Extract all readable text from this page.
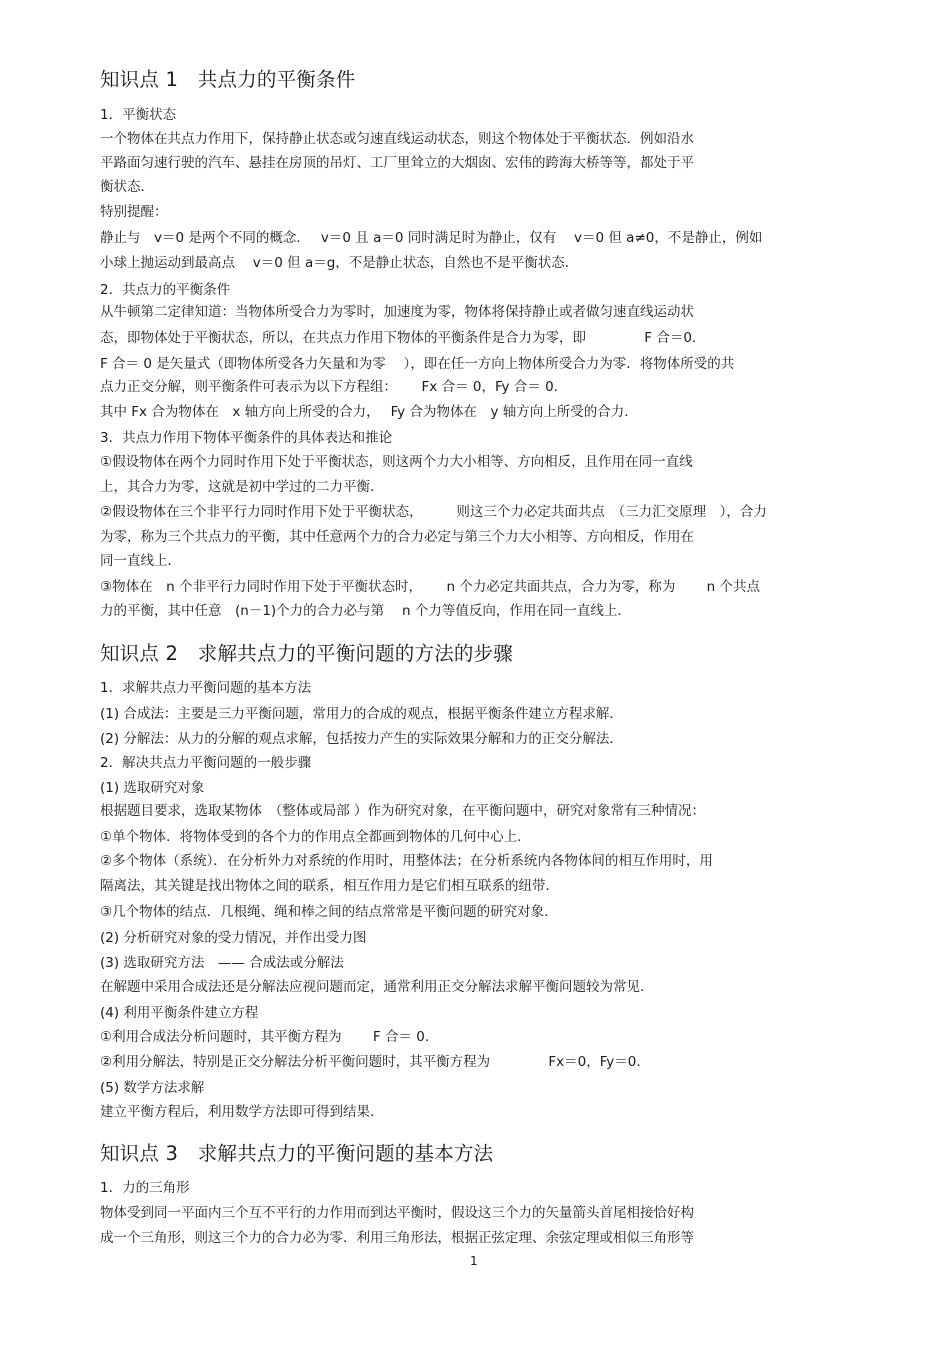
知识点 1　共点力的平衡条件
1．平衡状态
一个物体在共点力作用下，保持静止状态或匀速直线运动状态，则这个物体处于平衡状态．例如沿水
平路面匀速行驶的汽车、悬挂在房顶的吊灯、工厂里耸立的大烟囱、宏伟的跨海大桥等等，都处于平
衡状态．
特别提醒：
静止与　v＝0 是两个不同的概念．　 v＝0 且 a＝0 同时满足时为静止，仅有　 v＝0 但 a≠0，不是静止，例如
小球上抛运动到最高点　 v＝0 但 a＝g，不是静止状态，自然也不是平衡状态．
2．共点力的平衡条件
从牛顿第二定律知道：当物体所受合力为零时，加速度为零，物体将保持静止或者做匀速直线运动状
态，即物体处于平衡状态，所以，在共点力作用下物体的平衡条件是合力为零，即　　　　 F 合＝0.
F 合＝ 0 是矢量式（即物体所受各力矢量和为零　 ），即在任一方向上物体所受合力为零．将物体所受的共
点力正交分解，则平衡条件可表示为以下方程组：　　 Fx 合＝ 0，Fy 合＝ 0.
其中 Fx 合为物体在　x 轴方向上所受的合力，　 Fy 合为物体在　y 轴方向上所受的合力．
3．共点力作用下物体平衡条件的具体表达和推论
①假设物体在两个力同时作用下处于平衡状态，则这两个力大小相等、方向相反，且作用在同一直线
上，其合力为零，这就是初中学过的二力平衡．
②假设物体在三个非平行力同时作用下处于平衡状态，　　　则这三个力必定共面共点　（三力汇交原理　），合力
为零，称为三个共点力的平衡，其中任意两个力的合力必定与第三个力大小相等、方向相反，作用在
同一直线上．
③物体在　n 个非平行力同时作用下处于平衡状态时，　　 n 个力必定共面共点，合力为零，称为　　 n 个共点
力的平衡，其中任意　(n－1)个力的合力必与第　 n 个力等值反向，作用在同一直线上．
知识点 2　求解共点力的平衡问题的方法的步骤
1．求解共点力平衡问题的基本方法
(1) 合成法：主要是三力平衡问题，常用力的合成的观点，根据平衡条件建立方程求解．
(2) 分解法：从力的分解的观点求解，包括按力产生的实际效果分解和力的正交分解法．
2．解决共点力平衡问题的一般步骤
(1) 选取研究对象
根据题目要求，选取某物体　（整体或局部 ）作为研究对象，在平衡问题中，研究对象常有三种情况：
①单个物体．将物体受到的各个力的作用点全都画到物体的几何中心上．
②多个物体（系统）．在分析外力对系统的作用时，用整体法；在分析系统内各物体间的相互作用时，用
隔离法，其关键是找出物体之间的联系，相互作用力是它们相互联系的纽带．
③几个物体的结点．几根绳、绳和棒之间的结点常常是平衡问题的研究对象．
(2) 分析研究对象的受力情况，并作出受力图
(3) 选取研究方法　—— 合成法或分解法
在解题中采用合成法还是分解法应视问题而定，通常利用正交分解法求解平衡问题较为常见．
(4) 利用平衡条件建立方程
①利用合成法分析问题时，其平衡方程为　　 F 合＝ 0.
②利用分解法，特别是正交分解法分析平衡问题时，其平衡方程为　　　　 Fx＝0，Fy＝0.
(5) 数学方法求解
建立平衡方程后，利用数学方法即可得到结果．
知识点 3　求解共点力的平衡问题的基本方法
1．力的三角形
物体受到同一平面内三个互不平行的力作用而到达平衡时，假设这三个力的矢量箭头首尾相接恰好构
成一个三角形，则这三个力的合力必为零．利用三角形法，根据正弦定理、余弦定理或相似三角形等
1
